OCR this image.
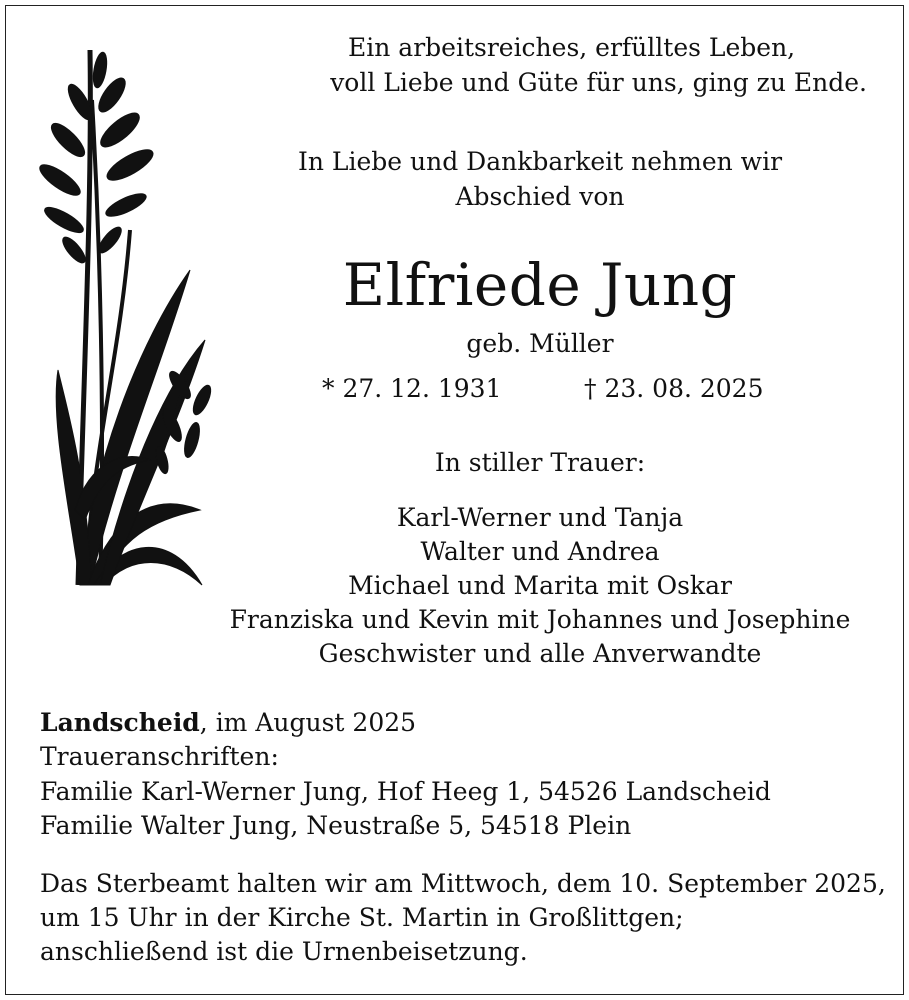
Ein arbeitsreiches, erfülltes Leben,
voll Liebe und Güte für uns, ging zu Ende.
In Liebe und Dankbarkeit nehmen wir
Abschied von
Elfriede Jung
geb. Müller
* 27. 12. 1931	† 23. 08. 2025
In stiller Trauer:
Karl-Werner und Tanja
Walter und Andrea
Michael und Marita mit Oskar
Franziska und Kevin mit Johannes und Josephine
Geschwister und alle Anverwandte
Landscheid, im August 2025
Traueranschriften:
Familie Karl-Werner Jung, Hof Heeg 1, 54526 Landscheid
Familie Walter Jung, Neustraße 5, 54518 Plein
Das Sterbeamt halten wir am Mittwoch, dem 10. September 2025,
um 15 Uhr in der Kirche St. Martin in Großlittgen;
anschließend ist die Urnenbeisetzung.
